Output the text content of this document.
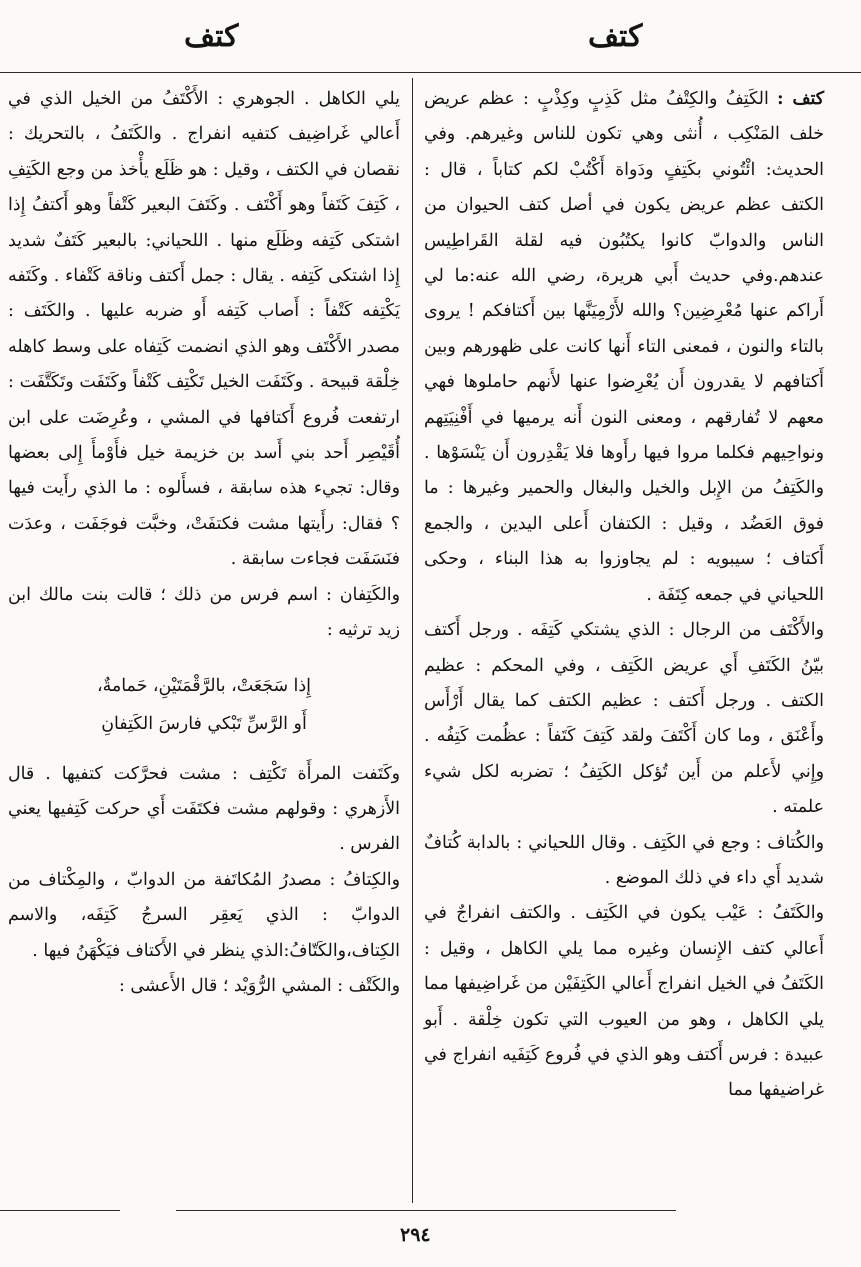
كتف	كتف

كتف : الكَتِفُ والكِتْفُ مثل كَذِبٍ وكِذْبٍ : عظم عريض خلف المَنْكِب ، أُنثى وهي تكون للناس وغيرهم. وفي الحديث: ائْتُوني بكَتِفٍ ودَواة أَكْتُبْ لكم كتاباً ، قال : الكتف عظم عريض يكون في أصل كتف الحيوان من الناس والدوابّ كانوا يكتُبُون فيه لقلة القَراطِيس عندهم.وفي حديث أَبي هريرة، رضي الله عنه:ما لي أَراكم عنها مُعْرِضِين؟ والله لأَرْمِيَنَّها بين أَكتافكم ! يروى بالتاء والنون ، فمعنى التاء أَنها كانت على ظهورهم وبين أَكتافهم لا يقدرون أَن يُعْرِضوا عنها لأَنهم حاملوها فهي معهم لا تُفارقهم ، ومعنى النون أَنه يرميها في أَفْنِيَتِهم ونواحِيهم فكلما مروا فيها رأَوها فلا يَقْدِرون أَن يَنْسَوْها . والكَتِفُ من الإِبل والخيل والبغال والحمير وغيرها : ما فوق العَضُد ، وقيل : الكتفان أَعلى اليدين ، والجمع أَكتاف ؛ سيبويه : لم يجاوزوا به هذا البناء ، وحكى اللحياني في جمعه كِتَفَة .

والأَكْتَف من الرجال : الذي يشتكي كَتِفَه . ورجل أَكتف بيّنُ الكَتَفِ أَي عريض الكَتِف ، وفي المحكم : عظيم الكتف . ورجل أَكتف : عظيم الكتف كما يقال أَرْأَس وأَعْنَق ، وما كان أَكْتَفَ ولقد كَتِفَ كَتَفاً : عظُمت كَتِفُه . وإِني لأَعلم من أَين تُؤكل الكَتِفُ ؛ تضربه لكل شيء علمته .

والكُتاف : وجع في الكَتِف . وقال اللحياني : بالدابة كُتافٌ شديد أَي داء في ذلك الموضع .

والكَتَفُ : عَيْب يكون في الكَتِف . والكتف انفراجٌ في أَعالي كتف الإِنسان وغيره مما يلي الكاهل ، وقيل : الكَتَفُ في الخيل انفراج أَعالي الكَتِفَيْن من غَراضِيفها مما يلي الكاهل ، وهو من العيوب التي تكون خِلْقة . أَبو عبيدة : فرس أَكتف وهو الذي في فُروع كَتِفَيه انفراج في غراضيفها مما

يلي الكاهل . الجوهري : الأَكْتَفُ من الخيل الذي في أَعالي غَراضِيف كتفيه انفراج . والكَتَفُ ، بالتحريك : نقصان في الكتف ، وقيل : هو ظَلَع يأْخذ من وجع الكَتِفِ ، كَتِفَ كَتَفاً وهو أَكْتَف . وكَتَفَ البعير كَتْفاً وهو أَكتفُ إِذا اشتكى كَتِفه وظَلَع منها . اللحياني: بالبعير كَتَفٌ شديد إِذا اشتكى كَتِفه . يقال : جمل أَكتف وناقة كَتْفاء . وكَتَفه يَكْتِفه كَتْفاً : أَصاب كَتِفه أَو ضربه عليها . والكَتَف : مصدر الأَكْتَف وهو الذي انضمت كَتِفاه على وسط كاهله خِلْقة قبيحة . وكَتَفَت الخيل تَكْتِف كَتْفاً وكَتَفَت وتَكَتَّفَت : ارتفعت فُروع أَكتافها في المشي ، وعُرِضَت على ابن أُقَيْصِر أَحد بني أَسد بن خزيمة خيل فأَوْمأَ إِلى بعضها وقال: تجيء هذه سابقة ، فسأَلوه : ما الذي رأَيت فيها ؟ فقال: رأَيتها مشت فكتفَتْ، وخبَّت فوجَفَت ، وعدَت فنَسَفَت فجاءت سابقة .

والكَتِفان : اسم فرس من ذلك ؛ قالت بنت مالك ابن زيد ترثيه :

إِذا سَجَعَتْ، بالرَّقْمَتَيْنِ، حَمامةٌ،
أَو الرَّسِّ تَبْكي فارسَ الكَتِفانِ

وكَتَفت المرأَة تَكْتِف : مشت فحرَّكت كتفيها . قال الأَزهري : وقولهم مشت فكتَفَت أَي حركت كَتِفيها يعني الفرس .

والكِتافُ : مصدرُ المُكاتَفة من الدوابّ ، والمِكْتاف من الدوابّ : الذي يَعقِر السرجُ كَتِفَه، والاسم الكِتاف،والكَتّافُ:الذي ينظر في الأَكتاف فيَكْهَنُ فيها .

والكَتْف : المشي الرُّوَيْد ؛ قال الأَعشى :

٢٩٤
